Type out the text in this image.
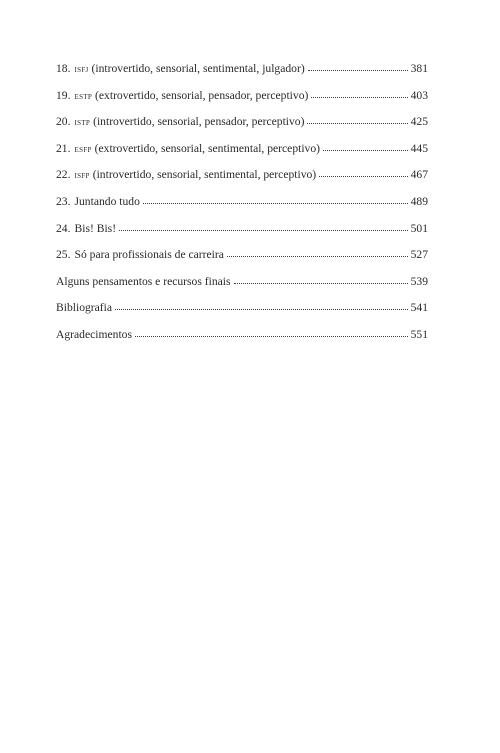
18. isfj (introvertido, sensorial, sentimental, julgador)	381
19. estp (extrovertido, sensorial, pensador, perceptivo)	403
20. istp (introvertido, sensorial, pensador, perceptivo)	425
21. esfp (extrovertido, sensorial, sentimental, perceptivo)	445
22. isfp (introvertido, sensorial, sentimental, perceptivo)	467
23. Juntando tudo	489
24. Bis! Bis!	501
25. Só para profissionais de carreira	527
Alguns pensamentos e recursos finais	539
Bibliografia	541
Agradecimentos	551
